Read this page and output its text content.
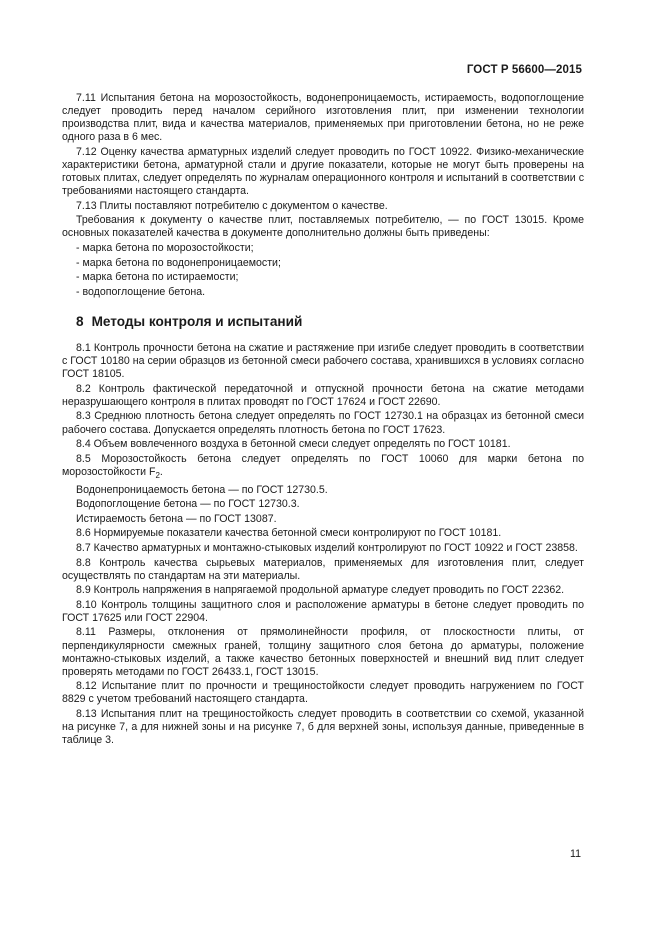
ГОСТ Р 56600—2015

7.11 Испытания бетона на морозостойкость, водонепроницаемость, истираемость, водопоглощение следует проводить перед началом серийного изготовления плит, при изменении технологии производства плит, вида и качества материалов, применяемых при приготовлении бетона, но не реже одного раза в 6 мес.

7.12 Оценку качества арматурных изделий следует проводить по ГОСТ 10922. Физико-механические характеристики бетона, арматурной стали и другие показатели, которые не могут быть проверены на готовых плитах, следует определять по журналам операционного контроля и испытаний в соответствии с требованиями настоящего стандарта.

7.13 Плиты поставляют потребителю с документом о качестве.

Требования к документу о качестве плит, поставляемых потребителю, — по ГОСТ 13015. Кроме основных показателей качества в документе дополнительно должны быть приведены:

- марка бетона по морозостойкости;
- марка бетона по водонепроницаемости;
- марка бетона по истираемости;
- водопоглощение бетона.
8 Методы контроля и испытаний

8.1 Контроль прочности бетона на сжатие и растяжение при изгибе следует проводить в соответствии с ГОСТ 10180 на серии образцов из бетонной смеси рабочего состава, хранившихся в условиях согласно ГОСТ 18105.

8.2 Контроль фактической передаточной и отпускной прочности бетона на сжатие методами неразрушающего контроля в плитах проводят по ГОСТ 17624 и ГОСТ 22690.

8.3 Среднюю плотность бетона следует определять по ГОСТ 12730.1 на образцах из бетонной смеси рабочего состава. Допускается определять плотность бетона по ГОСТ 17623.

8.4 Объем вовлеченного воздуха в бетонной смеси следует определять по ГОСТ 10181.

8.5 Морозостойкость бетона следует определять по ГОСТ 10060 для марки бетона по морозостойкости $F_2$.

Водонепроницаемость бетона — по ГОСТ 12730.5.

Водопоглощение бетона — по ГОСТ 12730.3.

Истираемость бетона — по ГОСТ 13087.

8.6 Нормируемые показатели качества бетонной смеси контролируют по ГОСТ 10181.

8.7 Качество арматурных и монтажно-стыковых изделий контролируют по ГОСТ 10922 и ГОСТ 23858.

8.8 Контроль качества сырьевых материалов, применяемых для изготовления плит, следует осуществлять по стандартам на эти материалы.

8.9 Контроль напряжения в напрягаемой продольной арматуре следует проводить по ГОСТ 22362.

8.10 Контроль толщины защитного слоя и расположение арматуры в бетоне следует проводить по ГОСТ 17625 или ГОСТ 22904.

8.11 Размеры, отклонения от прямолинейности профиля, от плоскостности плиты, от перпендикулярности смежных граней, толщину защитного слоя бетона до арматуры, положение монтажно-стыковых изделий, а также качество бетонных поверхностей и внешний вид плит следует проверять методами по ГОСТ 26433.1, ГОСТ 13015.

8.12 Испытание плит по прочности и трещиностойкости следует проводить нагружением по ГОСТ 8829 с учетом требований настоящего стандарта.

8.13 Испытания плит на трещиностойкость следует проводить в соответствии со схемой, указанной на рисунке 7, а для нижней зоны и на рисунке 7, б для верхней зоны, используя данные, приведенные в таблице 3.

11
